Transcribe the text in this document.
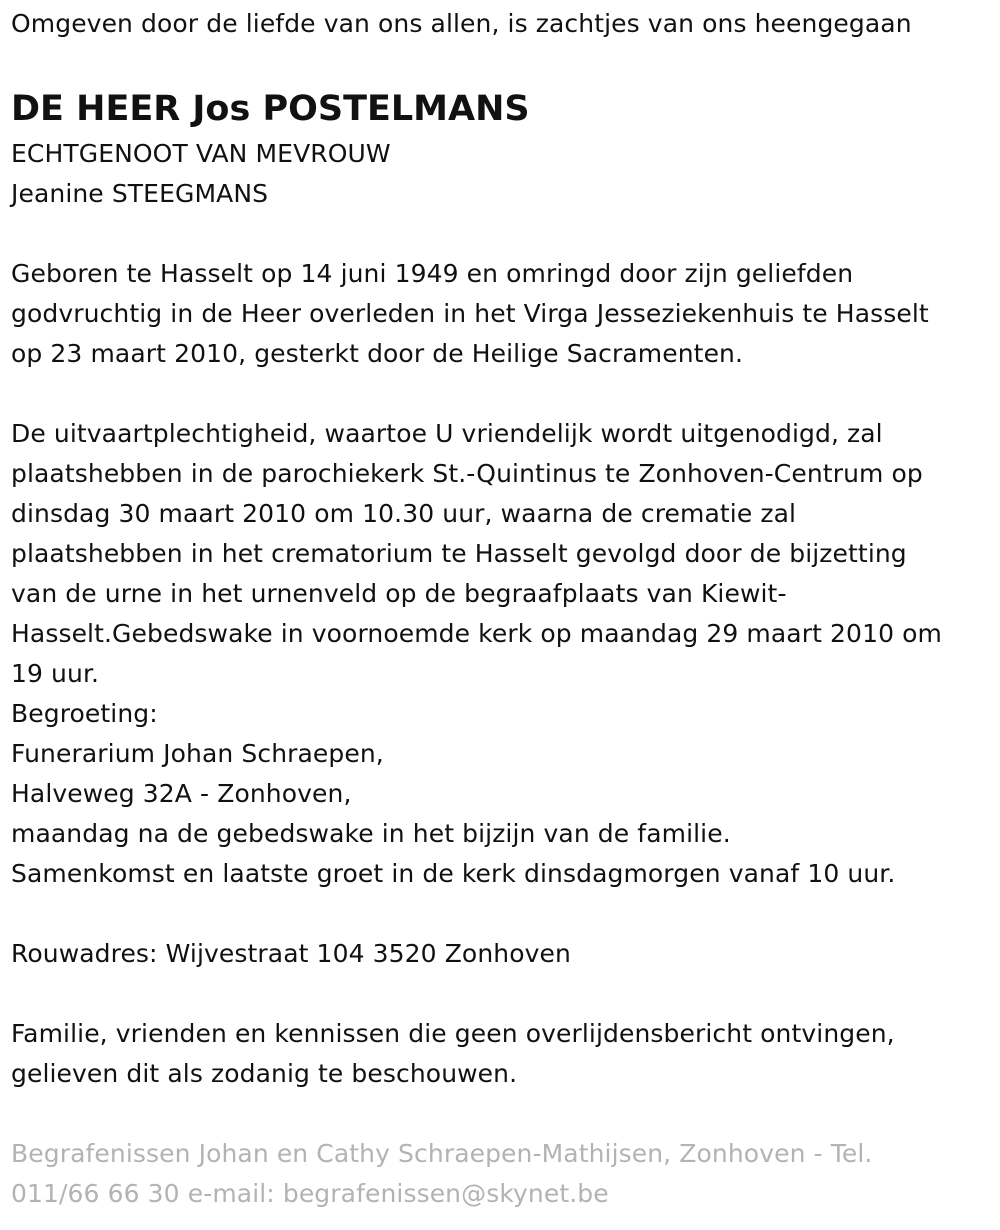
Omgeven door de liefde van ons allen, is zachtjes van ons heengegaan
DE HEER Jos POSTELMANS
ECHTGENOOT VAN MEVROUW
Jeanine STEEGMANS
Geboren te Hasselt op 14 juni 1949 en omringd door zijn geliefden
godvruchtig in de Heer overleden in het Virga Jesseziekenhuis te Hasselt
op 23 maart 2010, gesterkt door de Heilige Sacramenten.
De uitvaartplechtigheid, waartoe U vriendelijk wordt uitgenodigd, zal
plaatshebben in de parochiekerk St.-Quintinus te Zonhoven-Centrum op
dinsdag 30 maart 2010 om 10.30 uur, waarna de crematie zal
plaatshebben in het crematorium te Hasselt gevolgd door de bijzetting
van de urne in het urnenveld op de begraafplaats van Kiewit-
Hasselt.Gebedswake in voornoemde kerk op maandag 29 maart 2010 om
19 uur.
Begroeting:
Funerarium Johan Schraepen,
Halveweg 32A - Zonhoven,
maandag na de gebedswake in het bijzijn van de familie.
Samenkomst en laatste groet in de kerk dinsdagmorgen vanaf 10 uur.
Rouwadres: Wijvestraat 104 3520 Zonhoven
Familie, vrienden en kennissen die geen overlijdensbericht ontvingen,
gelieven dit als zodanig te beschouwen.
Begrafenissen Johan en Cathy Schraepen-Mathijsen, Zonhoven - Tel.
011/66 66 30 e-mail: begrafenissen@skynet.be
